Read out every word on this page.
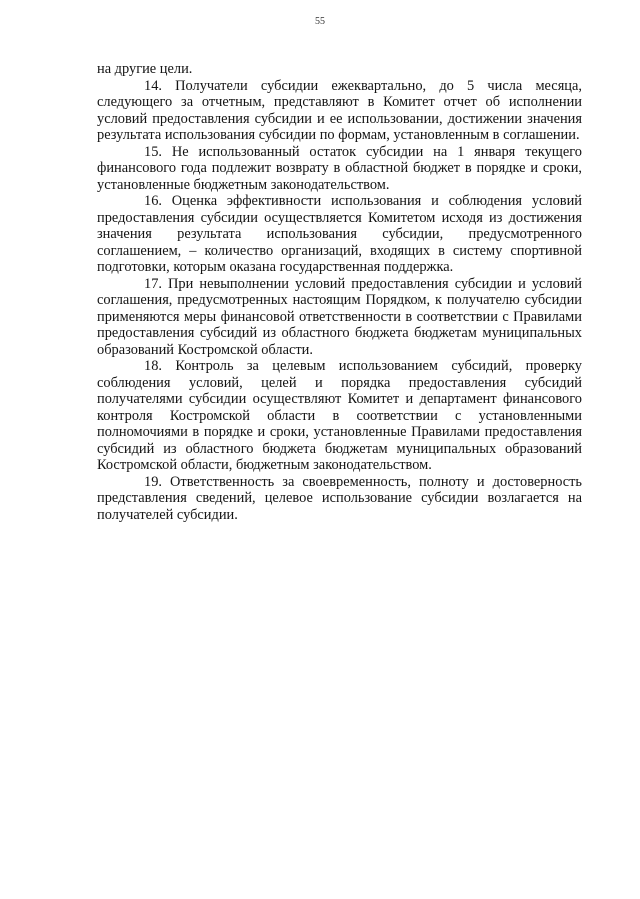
55

на другие цели.

14. Получатели субсидии ежеквартально, до 5 числа месяца, следующего за отчетным, представляют в Комитет отчет об исполнении условий предоставления субсидии и ее использовании, достижении значения результата использования субсидии по формам, установленным в соглашении.

15. Не использованный остаток субсидии на 1 января текущего финансового года подлежит возврату в областной бюджет в порядке и сроки, установленные бюджетным законодательством.

16. Оценка эффективности использования и соблюдения условий предоставления субсидии осуществляется Комитетом исходя из достижения значения результата использования субсидии, предусмотренного соглашением, – количество организаций, входящих в систему спортивной подготовки, которым оказана государственная поддержка.

17. При невыполнении условий предоставления субсидии и условий соглашения, предусмотренных настоящим Порядком, к получателю субсидии применяются меры финансовой ответственности в соответствии с Правилами предоставления субсидий из областного бюджета бюджетам муниципальных образований Костромской области.

18. Контроль за целевым использованием субсидий, проверку соблюдения условий, целей и порядка предоставления субсидий получателями субсидии осуществляют Комитет и департамент финансового контроля Костромской области в соответствии с установленными полномочиями в порядке и сроки, установленные Правилами предоставления субсидий из областного бюджета бюджетам муниципальных образований Костромской области, бюджетным законодательством.

19. Ответственность за своевременность, полноту и достоверность представления сведений, целевое использование субсидии возлагается на получателей субсидии.
